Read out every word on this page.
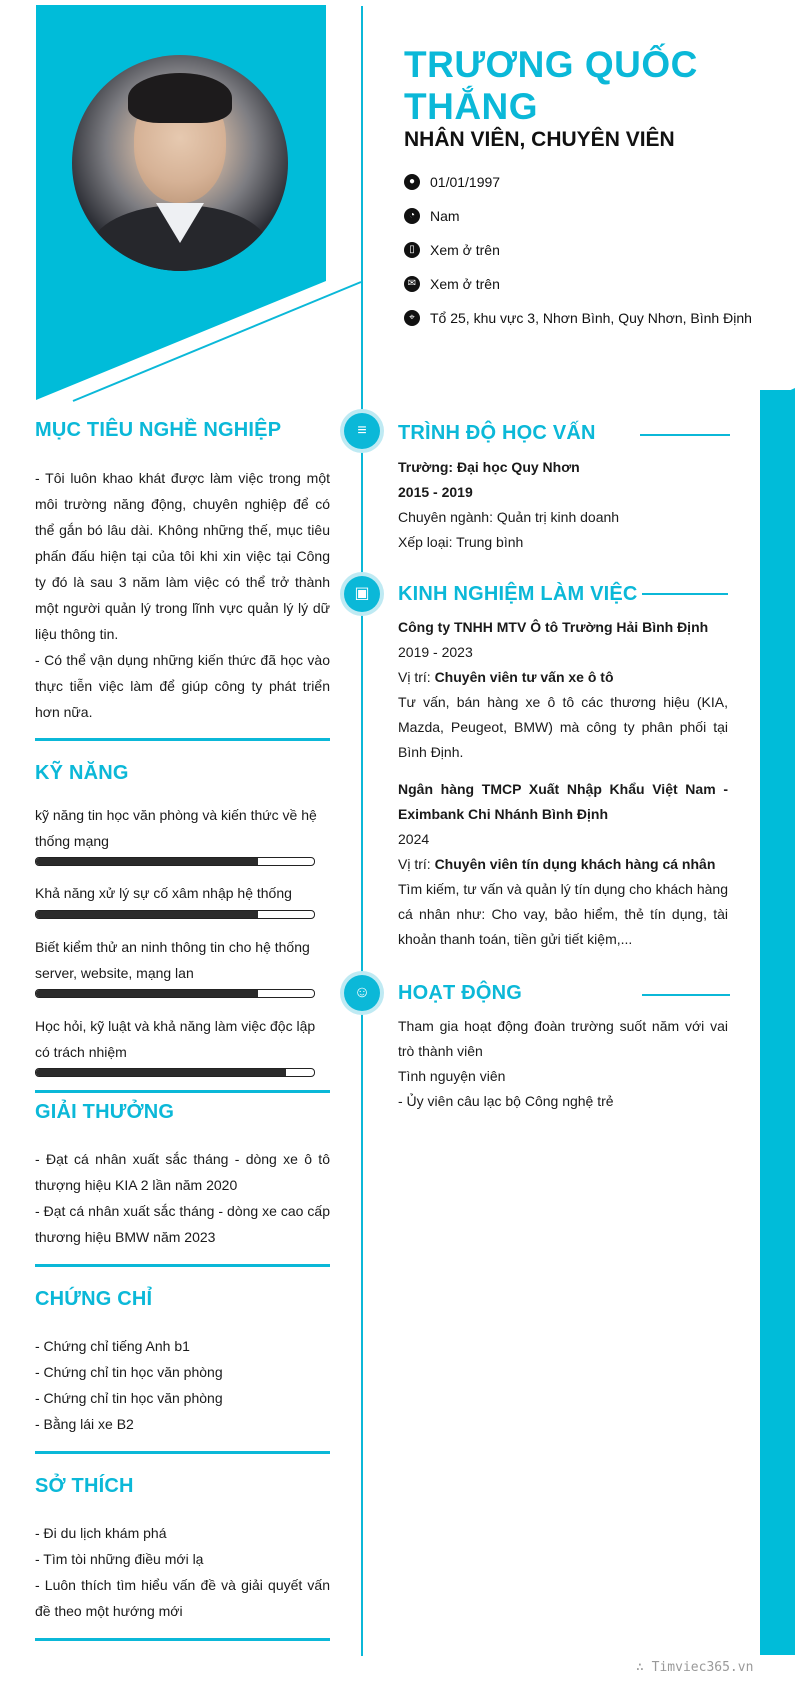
TRƯƠNG QUỐC THẮNG
NHÂN VIÊN, CHUYÊN VIÊN
●	01/01/1997
◔	Nam
▯	Xem ở trên
✉ Xem ở trên
⌖	Tổ 25, khu vực 3, Nhơn Bình, Quy Nhơn, Bình Định
MỤC TIÊU NGHỀ NGHIỆP

- Tôi luôn khao khát được làm việc trong một môi trường năng động, chuyên nghiệp để có thể gắn bó lâu dài. Không những thế, mục tiêu phấn đấu hiện tại của tôi khi xin việc tại Công ty đó là sau 3 năm làm việc có thể trở thành một người quản lý trong lĩnh vực quản lý lý dữ liệu thông tin.
- Có thể vận dụng những kiến thức đã học vào thực tiễn việc làm để giúp công ty phát triển hơn nữa.

KỸ NĂNG
kỹ năng tin học văn phòng và kiến thức về hệ thống mạng
Khả năng xử lý sự cố xâm nhập hệ thống
Biết kiểm thử an ninh thông tin cho hệ thống server, website, mạng lan
Học hỏi, kỹ luật và khả năng làm việc độc lập có trách nhiệm
GIẢI THƯỞNG

- Đạt cá nhân xuất sắc tháng - dòng xe ô tô thượng hiệu KIA 2 lần năm 2020
- Đạt cá nhân xuất sắc tháng - dòng xe cao cấp thương hiệu BMW năm 2023

CHỨNG CHỈ

- Chứng chỉ tiếng Anh b1
- Chứng chỉ tin học văn phòng
- Chứng chỉ tin học văn phòng
- Bằng lái xe B2

SỞ THÍCH

- Đi du lịch khám phá
- Tìm tòi những điều mới lạ
- Luôn thích tìm hiểu vấn đề và giải quyết vấn đề theo một hướng mới

≡	TRÌNH ĐỘ HỌC VẤN
Trường: Đại học Quy Nhơn
2015 - 2019
Chuyên ngành: Quản trị kinh doanh
Xếp loại: Trung bình
▣	KINH NGHIỆM LÀM VIỆC
Công ty TNHH MTV Ô tô Trường Hải Bình Định
2019 - 2023
Vị trí: Chuyên viên tư vấn xe ô tô
Tư vấn, bán hàng xe ô tô các thương hiệu (KIA, Mazda, Peugeot, BMW) mà công ty phân phối tại Bình Định.
Ngân hàng TMCP Xuất Nhập Khẩu Việt Nam - Eximbank Chi Nhánh Bình Định
2024
Vị trí: Chuyên viên tín dụng khách hàng cá nhân
Tìm kiếm, tư vấn và quản lý tín dụng cho khách hàng cá nhân như: Cho vay, bảo hiểm, thẻ tín dụng, tài khoản thanh toán, tiền gửi tiết kiệm,...
☺	HOẠT ĐỘNG
Tham gia hoạt động đoàn trường suốt năm với vai trò thành viên
Tình nguyện viên
- Ủy viên câu lạc bộ Công nghệ trẻ
∴ Timviec365.vn
